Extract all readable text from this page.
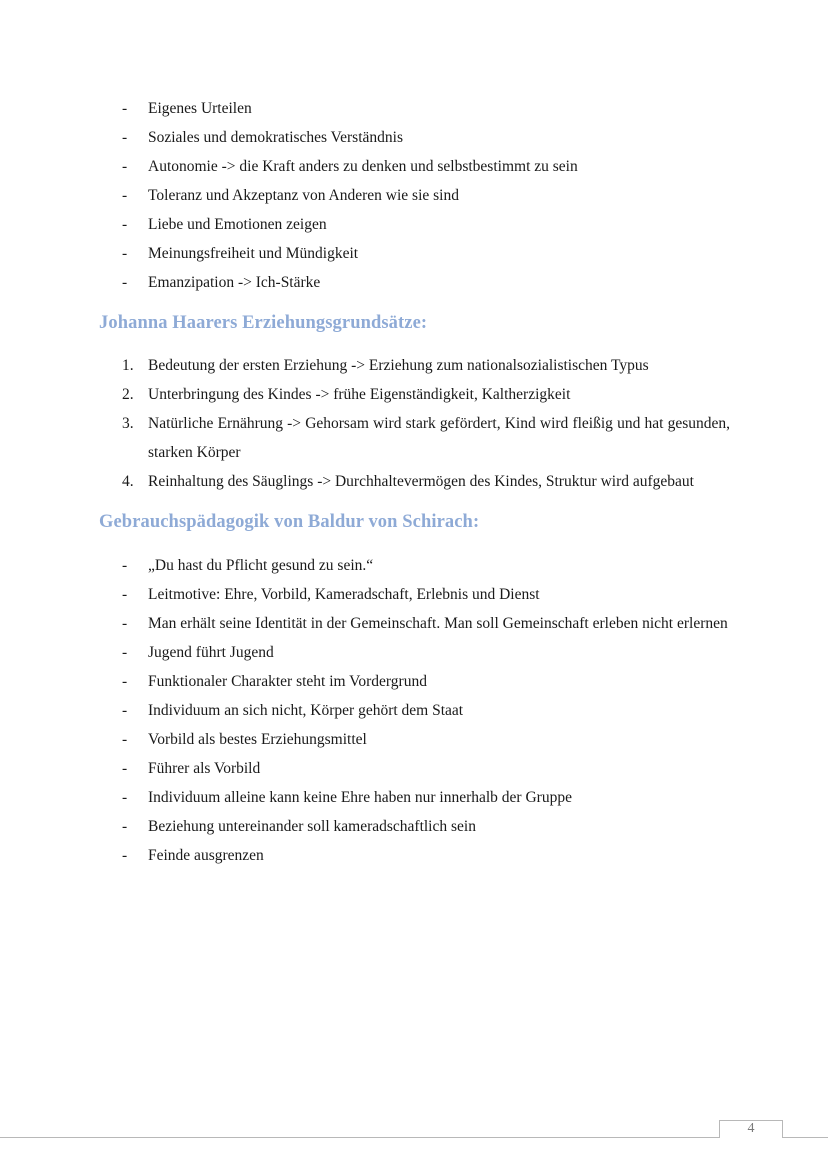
-	Eigenes Urteilen
-	Soziales und demokratisches Verständnis
-	Autonomie -> die Kraft anders zu denken und selbstbestimmt zu sein
-	Toleranz und Akzeptanz von Anderen wie sie sind
-	Liebe und Emotionen zeigen
-	Meinungsfreiheit und Mündigkeit
-	Emanzipation -> Ich-Stärke
Johanna Haarers Erziehungsgrundsätze:
1. Bedeutung der ersten Erziehung -> Erziehung zum nationalsozialistischen Typus
2. Unterbringung des Kindes -> frühe Eigenständigkeit, Kaltherzigkeit
3. Natürliche Ernährung -> Gehorsam wird stark gefördert, Kind wird fleißig und hat gesunden, starken Körper
4. Reinhaltung des Säuglings -> Durchhaltevermögen des Kindes, Struktur wird aufgebaut
Gebrauchspädagogik von Baldur von Schirach:
-	„Du hast du Pflicht gesund zu sein.“
-	Leitmotive: Ehre, Vorbild, Kameradschaft, Erlebnis und Dienst
-	Man erhält seine Identität in der Gemeinschaft. Man soll Gemeinschaft erleben nicht erlernen
-	Jugend führt Jugend
-	Funktionaler Charakter steht im Vordergrund
-	Individuum an sich nicht, Körper gehört dem Staat
-	Vorbild als bestes Erziehungsmittel
-	Führer als Vorbild
-	Individuum alleine kann keine Ehre haben nur innerhalb der Gruppe
-	Beziehung untereinander soll kameradschaftlich sein
-	Feinde ausgrenzen
4
